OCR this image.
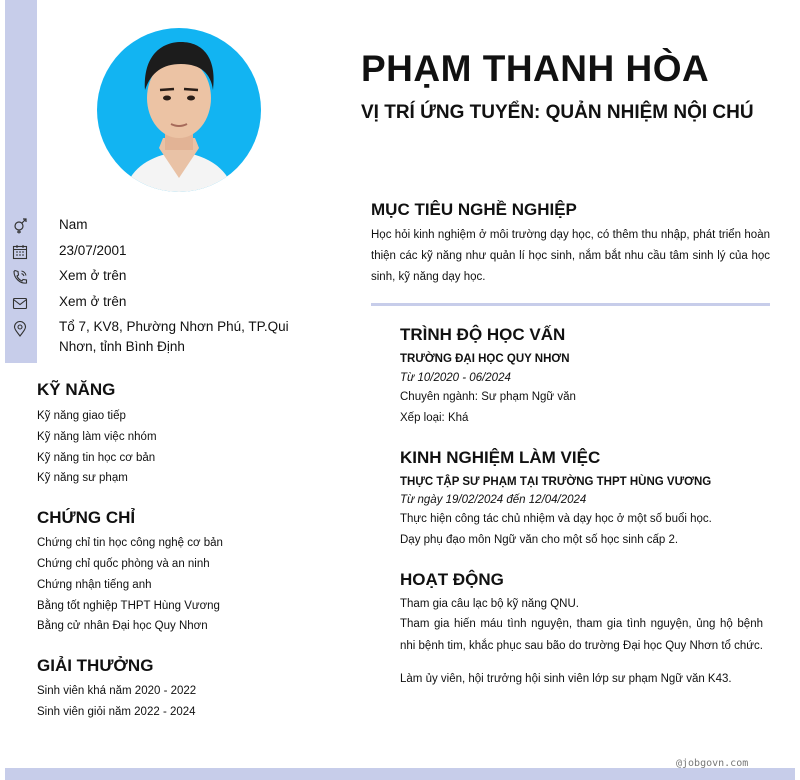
PHẠM THANH HÒA
VỊ TRÍ ỨNG TUYỂN: QUẢN NHIỆM NỘI CHÚ
Nam
23/07/2001
Xem ở trên
Xem ở trên
Tổ 7, KV8, Phường Nhơn Phú, TP.Qui Nhơn, tỉnh Bình Định
KỸ NĂNG
Kỹ năng giao tiếp
Kỹ năng làm việc nhóm
Kỹ năng tin học cơ bản
Kỹ năng sư phạm
CHỨNG CHỈ
Chứng chỉ tin học công nghệ cơ bản
Chứng chỉ quốc phòng và an ninh
Chứng nhận tiếng anh
Bằng tốt nghiệp THPT Hùng Vương
Bằng cử nhân Đại học Quy Nhơn
GIẢI THƯỞNG
Sinh viên khá năm 2020 - 2022
Sinh viên giỏi năm 2022 - 2024
MỤC TIÊU NGHỀ NGHIỆP
Học hỏi kinh nghiệm ở môi trường dạy học, có thêm thu nhập, phát triển hoàn thiện các kỹ năng như quản lí học sinh, nắm bắt nhu cầu tâm sinh lý của học sinh, kỹ năng dạy học.
TRÌNH ĐỘ HỌC VẤN
TRƯỜNG ĐẠI HỌC QUY NHƠN
Từ 10/2020 - 06/2024
Chuyên ngành: Sư phạm Ngữ văn
Xếp loại: Khá
KINH NGHIỆM LÀM VIỆC
THỰC TẬP SƯ PHẠM TẠI TRƯỜNG THPT HÙNG VƯƠNG
Từ ngày 19/02/2024 đến 12/04/2024
Thực hiện công tác chủ nhiệm và dạy học ở một số buổi học.
Dạy phụ đạo môn Ngữ văn cho một số học sinh cấp 2.
HOẠT ĐỘNG
Tham gia câu lạc bộ kỹ năng QNU.
Tham gia hiến máu tình nguyện, tham gia tình nguyện, ủng hộ bệnh nhi bệnh tim, khắc phục sau bão do trường Đại học Quy Nhơn tổ chức.
Làm ủy viên, hội trưởng hội sinh viên lớp sư phạm Ngữ văn K43.
@jobgovn.com
